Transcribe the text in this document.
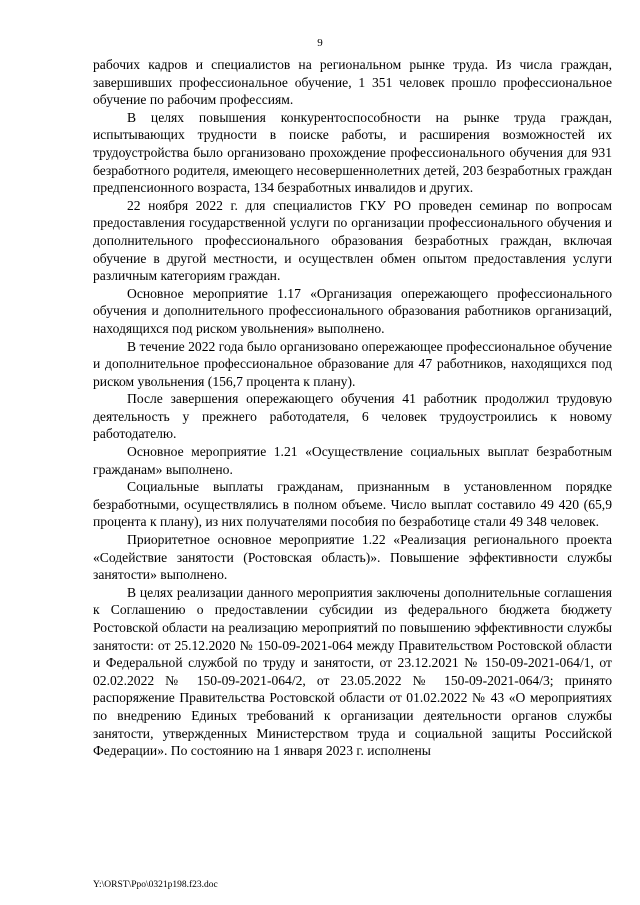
9

рабочих кадров и специалистов на региональном рынке труда. Из числа граждан, завершивших профессиональное обучение, 1 351 человек прошло профессиональное обучение по рабочим профессиям.

В целях повышения конкурентоспособности на рынке труда граждан, испытывающих трудности в поиске работы, и расширения возможностей их трудоустройства было организовано прохождение профессионального обучения для 931 безработного родителя, имеющего несовершеннолетних детей, 203 безработных граждан предпенсионного возраста, 134 безработных инвалидов и других.

22 ноября 2022 г. для специалистов ГКУ РО проведен семинар по вопросам предоставления государственной услуги по организации профессионального обучения и дополнительного профессионального образования безработных граждан, включая обучение в другой местности, и осуществлен обмен опытом предоставления услуги различным категориям граждан.

Основное мероприятие 1.17 «Организация опережающего профессионального обучения и дополнительного профессионального образования работников организаций, находящихся под риском увольнения» выполнено.

В течение 2022 года было организовано опережающее профессиональное обучение и дополнительное профессиональное образование для 47 работников, находящихся под риском увольнения (156,7 процента к плану).

После завершения опережающего обучения 41 работник продолжил трудовую деятельность у прежнего работодателя, 6 человек трудоустроились к новому работодателю.

Основное мероприятие 1.21 «Осуществление социальных выплат безработным гражданам» выполнено.

Социальные выплаты гражданам, признанным в установленном порядке безработными, осуществлялись в полном объеме. Число выплат составило 49 420 (65,9 процента к плану), из них получателями пособия по безработице стали 49 348 человек.

Приоритетное основное мероприятие 1.22 «Реализация регионального проекта «Содействие занятости (Ростовская область)». Повышение эффективности службы занятости» выполнено.

В целях реализации данного мероприятия заключены дополнительные соглашения к Соглашению о предоставлении субсидии из федерального бюджета бюджету Ростовской области на реализацию мероприятий по повышению эффективности службы занятости: от 25.12.2020 № 150-09-2021-064 между Правительством Ростовской области и Федеральной службой по труду и занятости, от 23.12.2021 № 150-09-2021-064/1, от 02.02.2022 № 150-09-2021-064/2, от 23.05.2022 № 150-09-2021-064/3; принято распоряжение Правительства Ростовской области от 01.02.2022 № 43 «О мероприятиях по внедрению Единых требований к организации деятельности органов службы занятости, утвержденных Министерством труда и социальной защиты Российской Федерации». По состоянию на 1 января 2023 г. исполнены

Y:\ORST\Ppo\0321p198.f23.doc
